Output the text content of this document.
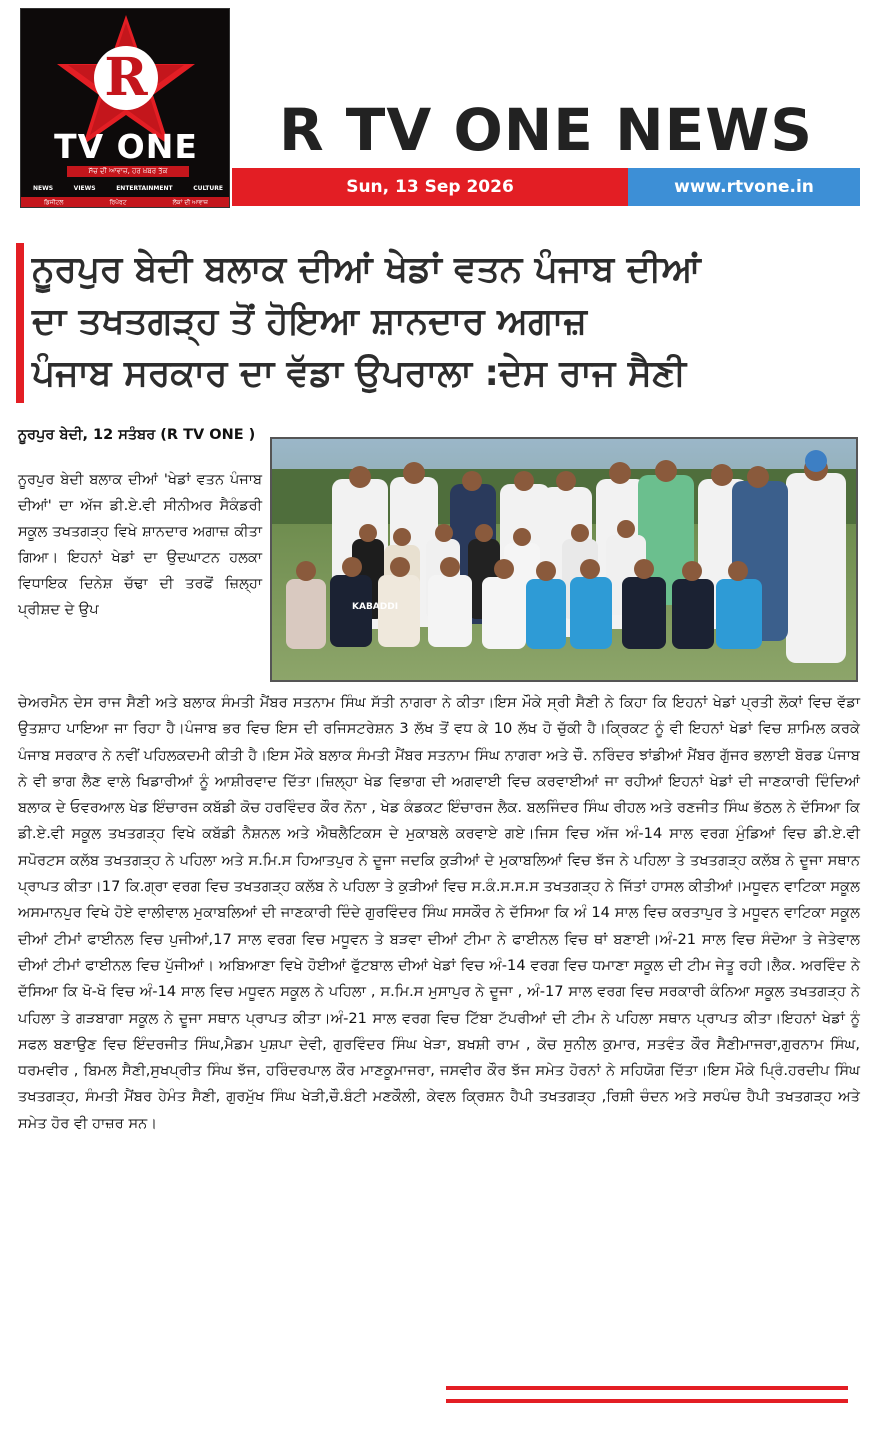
R
TV ONE
ਸੱਚ ਦੀ ਆਵਾਜ਼, ਹਰ ਖ਼ਬਰ ਤੱਕ
NEWS	VIEWS	ENTERTAINMENT	CULTURE
ਡਿਜੀਟਲ	ਰਿਪੋਰਟ	ਲੋਕਾਂ ਦੀ ਆਵਾਜ਼
R TV ONE NEWS
Sun, 13 Sep 2026	www.rtvone.in
ਨੂਰਪੁਰ ਬੇਦੀ ਬਲਾਕ ਦੀਆਂ ਖੇਡਾਂ ਵਤਨ ਪੰਜਾਬ ਦੀਆਂ
ਦਾ ਤਖਤਗੜ੍ਹ ਤੋਂ ਹੋਇਆ ਸ਼ਾਨਦਾਰ ਅਗਾਜ਼
ਪੰਜਾਬ ਸਰਕਾਰ ਦਾ ਵੱਡਾ ਉਪਰਾਲਾ :ਦੇਸ ਰਾਜ ਸੈਣੀ
ਨੂਰਪੁਰ ਬੇਦੀ, 12 ਸਤੰਬਰ (R TV ONE )
ਨੂਰਪੁਰ ਬੇਦੀ ਬਲਾਕ ਦੀਆਂ 'ਖੇਡਾਂ ਵਤਨ ਪੰਜਾਬ ਦੀਆਂ' ਦਾ ਅੱਜ ਡੀ.ਏ.ਵੀ ਸੀਨੀਅਰ ਸੈਕੰਡਰੀ ਸਕੂਲ ਤਖਤਗੜ੍ਹ ਵਿਖੇ ਸ਼ਾਨਦਾਰ ਅਗਾਜ਼ ਕੀਤਾ ਗਿਆ। ਇਹਨਾਂ ਖੇਡਾਂ ਦਾ ਉਦਘਾਟਨ ਹਲਕਾ ਵਿਧਾਇਕ ਦਿਨੇਸ਼ ਚੱਢਾ ਦੀ ਤਰਫੋਂ ਜ਼ਿਲ੍ਹਾ ਪ੍ਰੀਸ਼ਦ ਦੇ ਉਪ	KABADDI
ਚੇਅਰਮੈਨ ਦੇਸ ਰਾਜ ਸੈਣੀ ਅਤੇ ਬਲਾਕ ਸੰਮਤੀ ਮੈਂਬਰ ਸਤਨਾਮ ਸਿੰਘ ਸੱਤੀ ਨਾਗਰਾ ਨੇ ਕੀਤਾ।ਇਸ ਮੌਕੇ ਸ੍ਰੀ ਸੈਣੀ ਨੇ ਕਿਹਾ ਕਿ ਇਹਨਾਂ ਖੇਡਾਂ ਪ੍ਰਤੀ ਲੋਕਾਂ ਵਿਚ ਵੱਡਾ ਉਤਸ਼ਾਹ ਪਾਇਆ ਜਾ ਰਿਹਾ ਹੈ।ਪੰਜਾਬ ਭਰ ਵਿਚ ਇਸ ਦੀ ਰਜਿਸਟਰੇਸ਼ਨ 3 ਲੱਖ ਤੋਂ ਵਧ ਕੇ 10 ਲੱਖ ਹੋ ਚੁੱਕੀ ਹੈ।ਕ੍ਰਿਕਟ ਨੂੰ ਵੀ ਇਹਨਾਂ ਖੇਡਾਂ ਵਿਚ ਸ਼ਾਮਿਲ ਕਰਕੇ ਪੰਜਾਬ ਸਰਕਾਰ ਨੇ ਨਵੀਂ ਪਹਿਲਕਦਮੀ ਕੀਤੀ ਹੈ।ਇਸ ਮੌਕੇ ਬਲਾਕ ਸੰਮਤੀ ਮੈਂਬਰ ਸਤਨਾਮ ਸਿੰਘ ਨਾਗਰਾ ਅਤੇ ਚੌ. ਨਰਿੰਦਰ ਝਾਂਡੀਆਂ ਮੈਂਬਰ ਗੁੱਜਰ ਭਲਾਈ ਬੋਰਡ ਪੰਜਾਬ ਨੇ ਵੀ ਭਾਗ ਲੈਣ ਵਾਲੇ ਖਿਡਾਰੀਆਂ ਨੂੰ ਆਸ਼ੀਰਵਾਦ ਦਿੱਤਾ।ਜ਼ਿਲ੍ਹਾ ਖੇਡ ਵਿਭਾਗ ਦੀ ਅਗਵਾਈ ਵਿਚ ਕਰਵਾਈਆਂ ਜਾ ਰਹੀਆਂ ਇਹਨਾਂ ਖੇਡਾਂ ਦੀ ਜਾਣਕਾਰੀ ਦਿੰਦਿਆਂ ਬਲਾਕ ਦੇ ਓਵਰਆਲ ਖੇਡ ਇੰਚਾਰਜ ਕਬੱਡੀ ਕੋਚ ਹਰਵਿੰਦਰ ਕੌਰ ਨੋਨਾ , ਖੇਡ ਕੰਡਕਟ ਇੰਚਾਰਜ ਲੈਕ. ਬਲਜਿੰਦਰ ਸਿੰਘ ਰੀਹਲ ਅਤੇ ਰਣਜੀਤ ਸਿੰਘ ਭੱਠਲ ਨੇ ਦੱਸਿਆ ਕਿ ਡੀ.ਏ.ਵੀ ਸਕੂਲ ਤਖਤਗੜ੍ਹ ਵਿਖੇ ਕਬੱਡੀ ਨੈਸ਼ਨਲ ਅਤੇ ਐਥਲੈਟਿਕਸ ਦੇ ਮੁਕਾਬਲੇ ਕਰਵਾਏ ਗਏ।ਜਿਸ ਵਿਚ ਅੱਜ ਅੰ-14 ਸਾਲ ਵਰਗ ਮੁੰਡਿਆਂ ਵਿਚ ਡੀ.ਏ.ਵੀ ਸਪੋਰਟਸ ਕਲੱਬ ਤਖਤਗੜ੍ਹ ਨੇ ਪਹਿਲਾ ਅਤੇ ਸ.ਮਿ.ਸ ਹਿਆਤਪੁਰ ਨੇ ਦੂਜਾ ਜਦਕਿ ਕੁੜੀਆਂ ਦੇ ਮੁਕਾਬਲਿਆਂ ਵਿਚ ਝੱਜ ਨੇ ਪਹਿਲਾ ਤੇ ਤਖਤਗੜ੍ਹ ਕਲੱਬ ਨੇ ਦੂਜਾ ਸਥਾਨ ਪ੍ਰਾਪਤ ਕੀਤਾ।17 ਕਿ.ਗ੍ਰਾ ਵਰਗ ਵਿਚ ਤਖਤਗੜ੍ਹ ਕਲੱਬ ਨੇ ਪਹਿਲਾ ਤੇ ਕੁੜੀਆਂ ਵਿਚ ਸ.ਕੰ.ਸ.ਸ.ਸ ਤਖਤਗੜ੍ਹ ਨੇ ਜਿੱਤਾਂ ਹਾਸਲ ਕੀਤੀਆਂ।ਮਧੂਵਨ ਵਾਟਿਕਾ ਸਕੂਲ ਅਸਮਾਨਪੁਰ ਵਿਖੇ ਹੋਏ ਵਾਲੀਵਾਲ ਮੁਕਾਬਲਿਆਂ ਦੀ ਜਾਣਕਾਰੀ ਦਿੰਦੇ ਗੁਰਵਿੰਦਰ ਸਿੰਘ ਸਸਕੌਰ ਨੇ ਦੱਸਿਆ ਕਿ ਅੰ 14 ਸਾਲ ਵਿਚ ਕਰਤਾਪੁਰ ਤੇ ਮਧੂਵਨ ਵਾਟਿਕਾ ਸਕੂਲ ਦੀਆਂ ਟੀਮਾਂ ਫਾਈਨਲ ਵਿਚ ਪੁਜੀਆਂ,17 ਸਾਲ ਵਰਗ ਵਿਚ ਮਧੂਵਨ ਤੇ ਬੜਵਾ ਦੀਆਂ ਟੀਮਾ ਨੇ ਫਾਈਨਲ ਵਿਚ ਥਾਂ ਬਣਾਈ।ਅੰ-21 ਸਾਲ ਵਿਚ ਸੰਦੋਆ ਤੇ ਜੇਤੇਵਾਲ ਦੀਆਂ ਟੀਮਾਂ ਫਾਈਨਲ ਵਿਚ ਪੁੱਜੀਆਂ। ਅਬਿਆਣਾ ਵਿਖੇ ਹੋਈਆਂ ਫੁੱਟਬਾਲ ਦੀਆਂ ਖੇਡਾਂ ਵਿਚ ਅੰ-14 ਵਰਗ ਵਿਚ ਧਮਾਣਾ ਸਕੂਲ ਦੀ ਟੀਮ ਜੇਤੂ ਰਹੀ।ਲੈਕ. ਅਰਵਿੰਦ ਨੇ ਦੱਸਿਆ ਕਿ ਖੋ-ਖੋ ਵਿਚ ਅੰ-14 ਸਾਲ ਵਿਚ ਮਧੂਵਨ ਸਕੂਲ ਨੇ ਪਹਿਲਾ , ਸ.ਮਿ.ਸ ਮੁਸਾਪੁਰ ਨੇ ਦੂਜਾ , ਅੰ-17 ਸਾਲ ਵਰਗ ਵਿਚ ਸਰਕਾਰੀ ਕੰਨਿਆ ਸਕੂਲ ਤਖਤਗੜ੍ਹ ਨੇ ਪਹਿਲਾ ਤੇ ਗੜਬਾਗਾ ਸਕੂਲ ਨੇ ਦੂਜਾ ਸਥਾਨ ਪ੍ਰਾਪਤ ਕੀਤਾ।ਅੰ-21 ਸਾਲ ਵਰਗ ਵਿਚ ਟਿੱਬਾ ਟੱਪਰੀਆਂ ਦੀ ਟੀਮ ਨੇ ਪਹਿਲਾ ਸਥਾਨ ਪ੍ਰਾਪਤ ਕੀਤਾ।ਇਹਨਾਂ ਖੇਡਾਂ ਨੂੰ ਸਫਲ ਬਣਾਉਣ ਵਿਚ ਇੰਦਰਜੀਤ ਸਿੰਘ,ਮੈਡਮ ਪੁਸ਼ਪਾ ਦੇਵੀ, ਗੁਰਵਿੰਦਰ ਸਿੰਘ ਖੇੜਾ, ਬਖਸ਼ੀ ਰਾਮ , ਕੋਚ ਸੁਨੀਲ ਕੁਮਾਰ, ਸਤਵੰਤ ਕੌਰ ਸੈਣੀਮਾਜਰਾ,ਗੁਰਨਾਮ ਸਿੰਘ, ਧਰਮਵੀਰ , ਬਿਮਲ ਸੈਣੀ,ਸੁਖਪ੍ਰੀਤ ਸਿੰਘ ਝੱਜ, ਹਰਿੰਦਰਪਾਲ ਕੌਰ ਮਾਣਕੂਮਾਜਰਾ, ਜਸਵੀਰ ਕੌਰ ਝੱਜ ਸਮੇਤ ਹੋਰਨਾਂ ਨੇ ਸਹਿਯੋਗ ਦਿੱਤਾ।ਇਸ ਮੌਕੇ ਪ੍ਰਿੰ.ਹਰਦੀਪ ਸਿੰਘ ਤਖਤਗੜ੍ਹ, ਸੰਮਤੀ ਮੈਂਬਰ ਹੇਮੰਤ ਸੈਣੀ, ਗੁਰਮੁੱਖ ਸਿੰਘ ਖੇੜੀ,ਚੌ.ਬੰਟੀ ਮਣਕੌਲੀ, ਕੇਵਲ ਕ੍ਰਿਸ਼ਨ ਹੈਪੀ ਤਖਤਗੜ੍ਹ ,ਰਿਸ਼ੀ ਚੰਦਨ ਅਤੇ ਸਰਪੰਚ ਹੈਪੀ ਤਖਤਗੜ੍ਹ ਅਤੇ ਸਮੇਤ ਹੋਰ ਵੀ ਹਾਜ਼ਰ ਸਨ।
